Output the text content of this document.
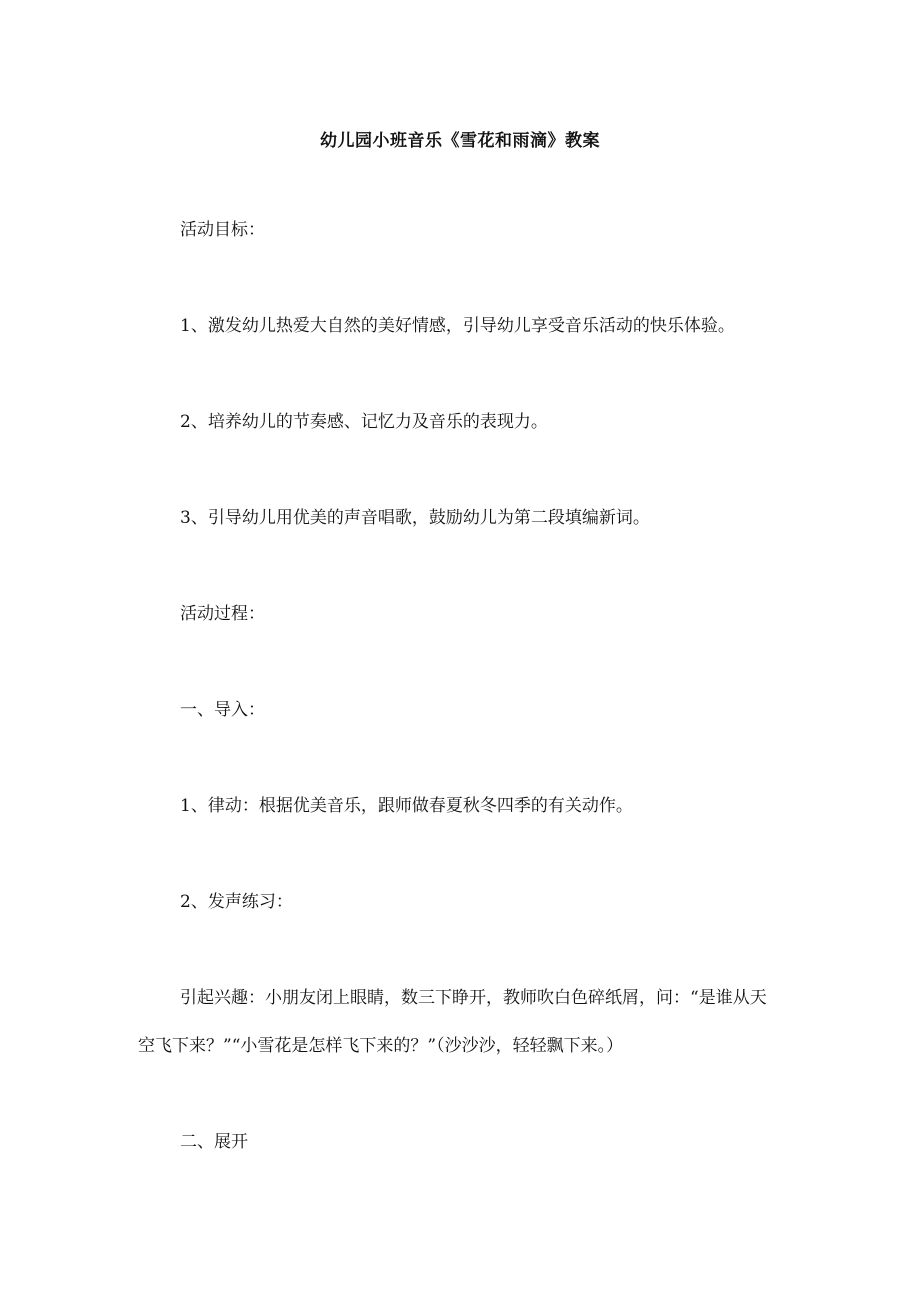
幼儿园小班音乐《雪花和雨滴》教案
活动目标：
1、激发幼儿热爱大自然的美好情感，引导幼儿享受音乐活动的快乐体验。
2、培养幼儿的节奏感、记忆力及音乐的表现力。
3、引导幼儿用优美的声音唱歌，鼓励幼儿为第二段填编新词。
活动过程：
一、导入：
1、律动：根据优美音乐，跟师做春夏秋冬四季的有关动作。
2、发声练习：
引起兴趣：小朋友闭上眼睛，数三下睁开，教师吹白色碎纸屑，问：“是谁从天空飞下来？”“小雪花是怎样飞下来的？”（沙沙沙，轻轻飘下来。）
二、展开
